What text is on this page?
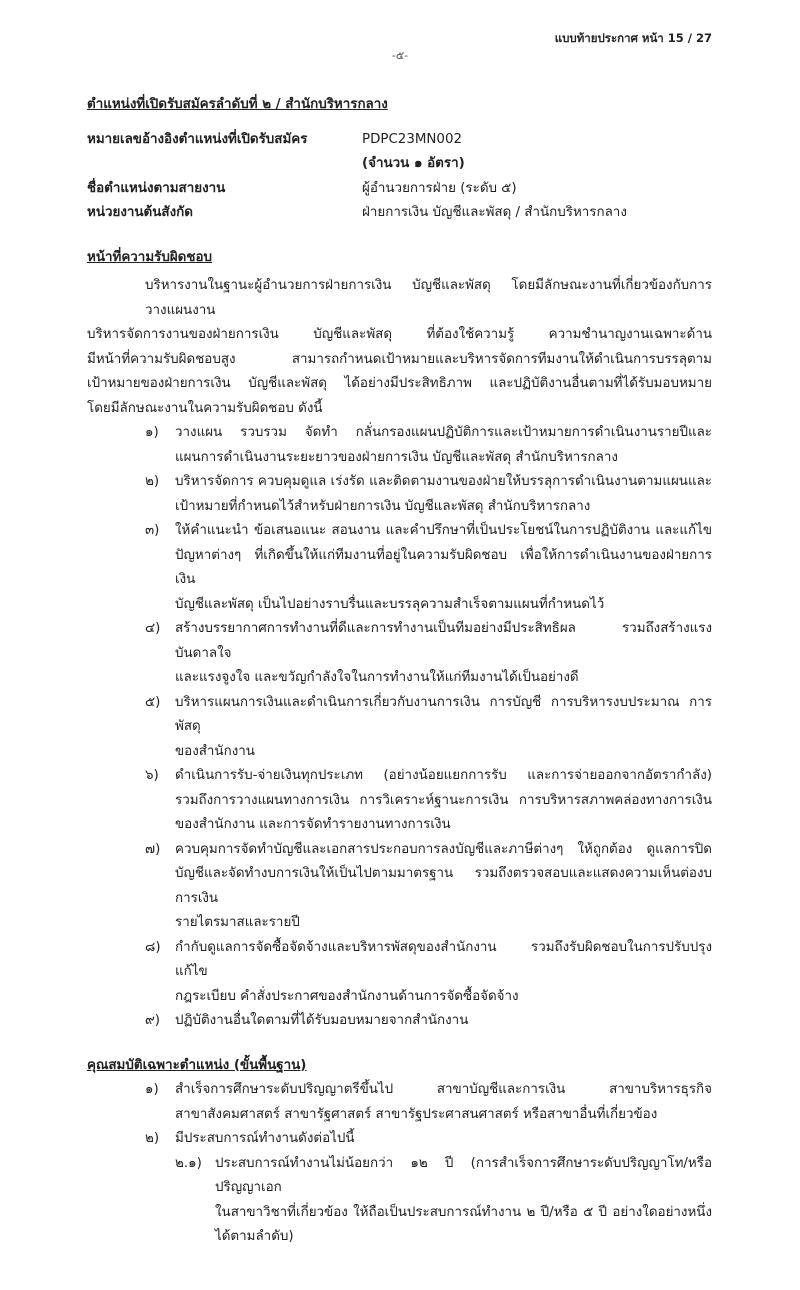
แบบท้ายประกาศ หน้า 15 / 27
-๕-
ตำแหน่งที่เปิดรับสมัครลำดับที่ ๒ / สำนักบริหารกลาง
หมายเลขอ้างอิงตำแหน่งที่เปิดรับสมัคร	PDPC23MN002
(จำนวน ๑ อัตรา)
ชื่อตำแหน่งตามสายงาน	ผู้อำนวยการฝ่าย (ระดับ ๕)
หน่วยงานต้นสังกัด	ฝ่ายการเงิน บัญชีและพัสดุ / สำนักบริหารกลาง
หน้าที่ความรับผิดชอบ
บริหารงานในฐานะผู้อำนวยการฝ่ายการเงิน บัญชีและพัสดุ โดยมีลักษณะงานที่เกี่ยวข้องกับการวางแผนงาน
บริหารจัดการงานของฝ่ายการเงิน บัญชีและพัสดุ ที่ต้องใช้ความรู้ ความชำนาญงานเฉพาะด้าน
มีหน้าที่ความรับผิดชอบสูง สามารถกำหนดเป้าหมายและบริหารจัดการทีมงานให้ดำเนินการบรรลุตาม
เป้าหมายของฝ่ายการเงิน บัญชีและพัสดุ ได้อย่างมีประสิทธิภาพ และปฏิบัติงานอื่นตามที่ได้รับมอบหมาย
โดยมีลักษณะงานในความรับผิดชอบ ดังนี้
๑)	วางแผน รวบรวม จัดทำ กลั่นกรองแผนปฏิบัติการและเป้าหมายการดำเนินงานรายปีและ
แผนการดำเนินงานระยะยาวของฝ่ายการเงิน บัญชีและพัสดุ สำนักบริหารกลาง
๒)	บริหารจัดการ ควบคุมดูแล เร่งรัด และติดตามงานของฝ่ายให้บรรลุการดำเนินงานตามแผนและ
เป้าหมายที่กำหนดไว้สำหรับฝ่ายการเงิน บัญชีและพัสดุ สำนักบริหารกลาง
๓)	ให้คำแนะนำ ข้อเสนอแนะ สอนงาน และคำปรึกษาที่เป็นประโยชน์ในการปฏิบัติงาน และแก้ไข
ปัญหาต่างๆ ที่เกิดขึ้นให้แก่ทีมงานที่อยู่ในความรับผิดชอบ เพื่อให้การดำเนินงานของฝ่ายการเงิน
บัญชีและพัสดุ เป็นไปอย่างราบรื่นและบรรลุความสำเร็จตามแผนที่กำหนดไว้
๔)	สร้างบรรยากาศการทำงานที่ดีและการทำงานเป็นทีมอย่างมีประสิทธิผล รวมถึงสร้างแรงบันดาลใจ
และแรงจูงใจ และขวัญกำลังใจในการทำงานให้แก่ทีมงานได้เป็นอย่างดี
๕)	บริหารแผนการเงินและดำเนินการเกี่ยวกับงานการเงิน การบัญชี การบริหารงบประมาณ การพัสดุ
ของสำนักงาน
๖)	ดำเนินการรับ-จ่ายเงินทุกประเภท (อย่างน้อยแยกการรับ และการจ่ายออกจากอัตรากำลัง)
รวมถึงการวางแผนทางการเงิน การวิเคราะห์ฐานะการเงิน การบริหารสภาพคล่องทางการเงิน
ของสำนักงาน และการจัดทำรายงานทางการเงิน
๗)	ควบคุมการจัดทำบัญชีและเอกสารประกอบการลงบัญชีและภาษีต่างๆ ให้ถูกต้อง ดูแลการปิด
บัญชีและจัดทำงบการเงินให้เป็นไปตามมาตรฐาน รวมถึงตรวจสอบและแสดงความเห็นต่องบการเงิน
รายไตรมาสและรายปี
๘)	กำกับดูแลการจัดซื้อจัดจ้างและบริหารพัสดุของสำนักงาน รวมถึงรับผิดชอบในการปรับปรุงแก้ไข
กฎระเบียบ คำสั่งประกาศของสำนักงานด้านการจัดซื้อจัดจ้าง
๙)	ปฏิบัติงานอื่นใดตามที่ได้รับมอบหมายจากสำนักงาน
คุณสมบัติเฉพาะตำแหน่ง (ขั้นพื้นฐาน)
๑)	สำเร็จการศึกษาระดับปริญญาตรีขึ้นไป สาขาบัญชีและการเงิน สาขาบริหารธุรกิจ
สาขาสังคมศาสตร์ สาขารัฐศาสตร์ สาขารัฐประศาสนศาสตร์ หรือสาขาอื่นที่เกี่ยวข้อง
๒)	มีประสบการณ์ทำงานดังต่อไปนี้
๒.๑) ประสบการณ์ทำงานไม่น้อยกว่า ๑๒ ปี (การสำเร็จการศึกษาระดับปริญญาโท/หรือปริญญาเอก
ในสาขาวิชาที่เกี่ยวข้อง ให้ถือเป็นประสบการณ์ทำงาน ๒ ปี/หรือ ๕ ปี อย่างใดอย่างหนึ่ง
ได้ตามลำดับ)
